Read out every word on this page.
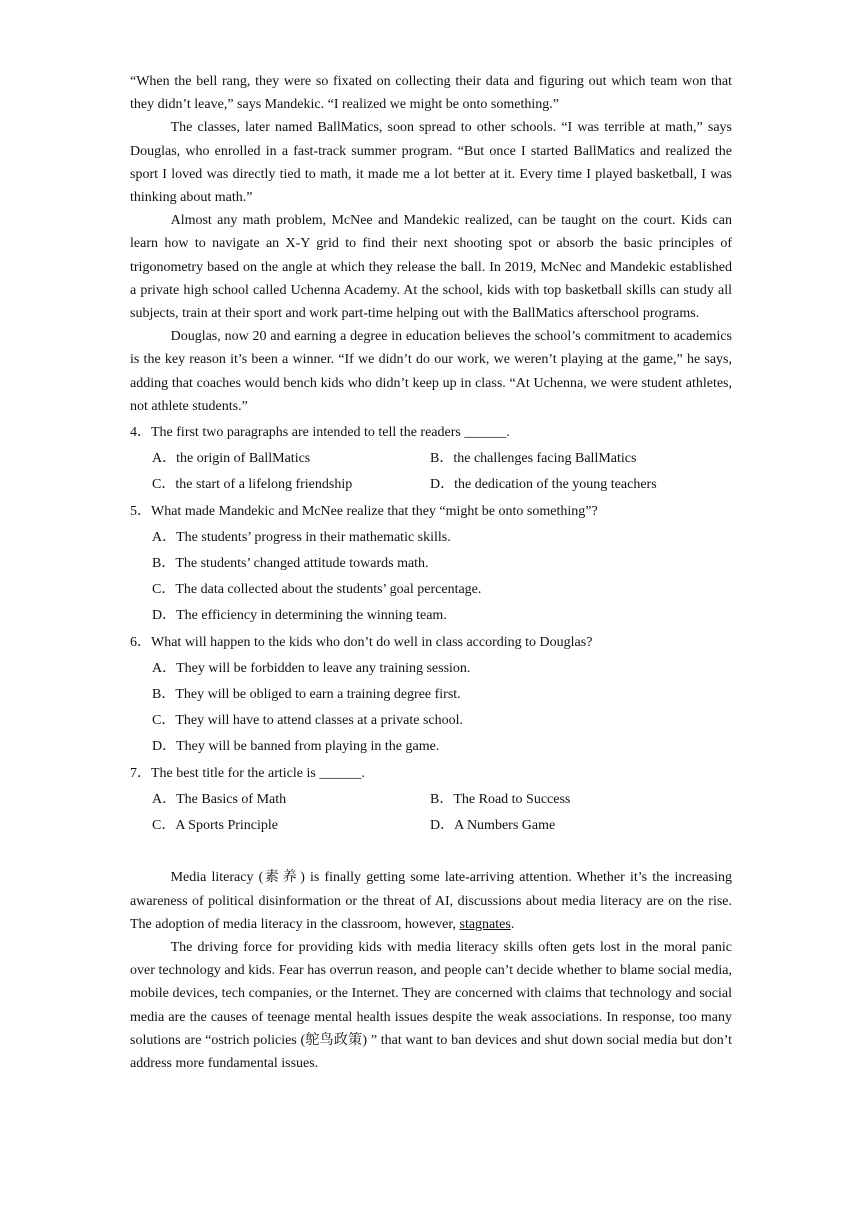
“When the bell rang, they were so fixated on collecting their data and figuring out which team won that they didn’t leave,” says Mandekic. “I realized we might be onto something.”

The classes, later named BallMatics, soon spread to other schools. “I was terrible at math,” says Douglas, who enrolled in a fast-track summer program. “But once I started BallMatics and realized the sport I loved was directly tied to math, it made me a lot better at it. Every time I played basketball, I was thinking about math.”

Almost any math problem, McNee and Mandekic realized, can be taught on the court. Kids can learn how to navigate an X-Y grid to find their next shooting spot or absorb the basic principles of trigonometry based on the angle at which they release the ball. In 2019, McNec and Mandekic established a private high school called Uchenna Academy. At the school, kids with top basketball skills can study all subjects, train at their sport and work part-time helping out with the BallMatics afterschool programs.

Douglas, now 20 and earning a degree in education believes the school’s commitment to academics is the key reason it’s been a winner. “If we didn’t do our work, we weren’t playing at the game,” he says, adding that coaches would bench kids who didn’t keep up in class. “At Uchenna, we were student athletes, not athlete students.”

4．The first two paragraphs are intended to tell the readers ______.
A．the origin of BallMatics	B．the challenges facing BallMatics
C．the start of a lifelong friendship	D．the dedication of the young teachers
5．What made Mandekic and McNee realize that they “might be onto something”?
A．The students’ progress in their mathematic skills.
B．The students’ changed attitude towards math.
C．The data collected about the students’ goal percentage.
D．The efficiency in determining the winning team.
6．What will happen to the kids who don’t do well in class according to Douglas?
A．They will be forbidden to leave any training session.
B．They will be obliged to earn a training degree first.
C．They will have to attend classes at a private school.
D．They will be banned from playing in the game.
7．The best title for the article is ______.
A．The Basics of Math	B．The Road to Success
C．A Sports Principle	D．A Numbers Game

Media literacy (素养) is finally getting some late-arriving attention. Whether it’s the increasing awareness of political disinformation or the threat of AI, discussions about media literacy are on the rise. The adoption of media literacy in the classroom, however, stagnates.

The driving force for providing kids with media literacy skills often gets lost in the moral panic over technology and kids. Fear has overrun reason, and people can’t decide whether to blame social media, mobile devices, tech companies, or the Internet. They are concerned with claims that technology and social media are the causes of teenage mental health issues despite the weak associations. In response, too many solutions are “ostrich policies (鸵鸟政策) ” that want to ban devices and shut down social media but don’t address more fundamental issues.
